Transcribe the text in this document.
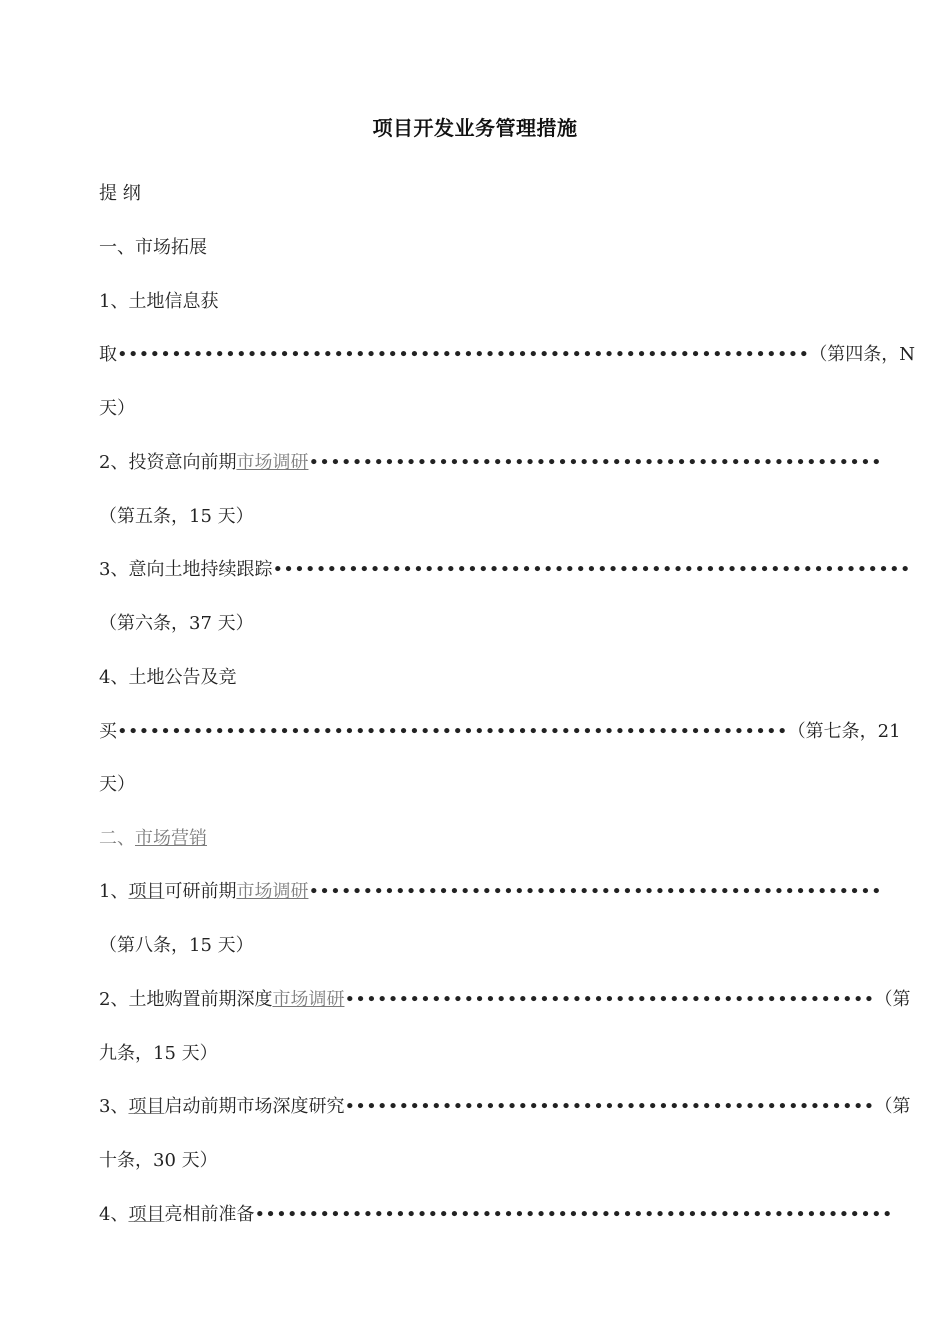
项目开发业务管理措施
提 纲
一、市场拓展
1、土地信息获
取••••••••••••••••••••••••••••••••••••••••••••••••••••••••••••••••（第四条，N
天）
2、投资意向前期市场调研•••••••••••••••••••••••••••••••••••••••••••••••••••••
（第五条，15 天）
3、意向土地持续跟踪•••••••••••••••••••••••••••••••••••••••••••••••••••••••••••
（第六条，37 天）
4、土地公告及竞
买••••••••••••••••••••••••••••••••••••••••••••••••••••••••••••••（第七条，21
天）
二、市场营销
1、项目可研前期市场调研•••••••••••••••••••••••••••••••••••••••••••••••••••••
（第八条，15 天）
2、土地购置前期深度市场调研•••••••••••••••••••••••••••••••••••••••••••••••••（第
九条，15 天）
3、项目启动前期市场深度研究•••••••••••••••••••••••••••••••••••••••••••••••••（第
十条，30 天）
4、项目亮相前准备•••••••••••••••••••••••••••••••••••••••••••••••••••••••••••
